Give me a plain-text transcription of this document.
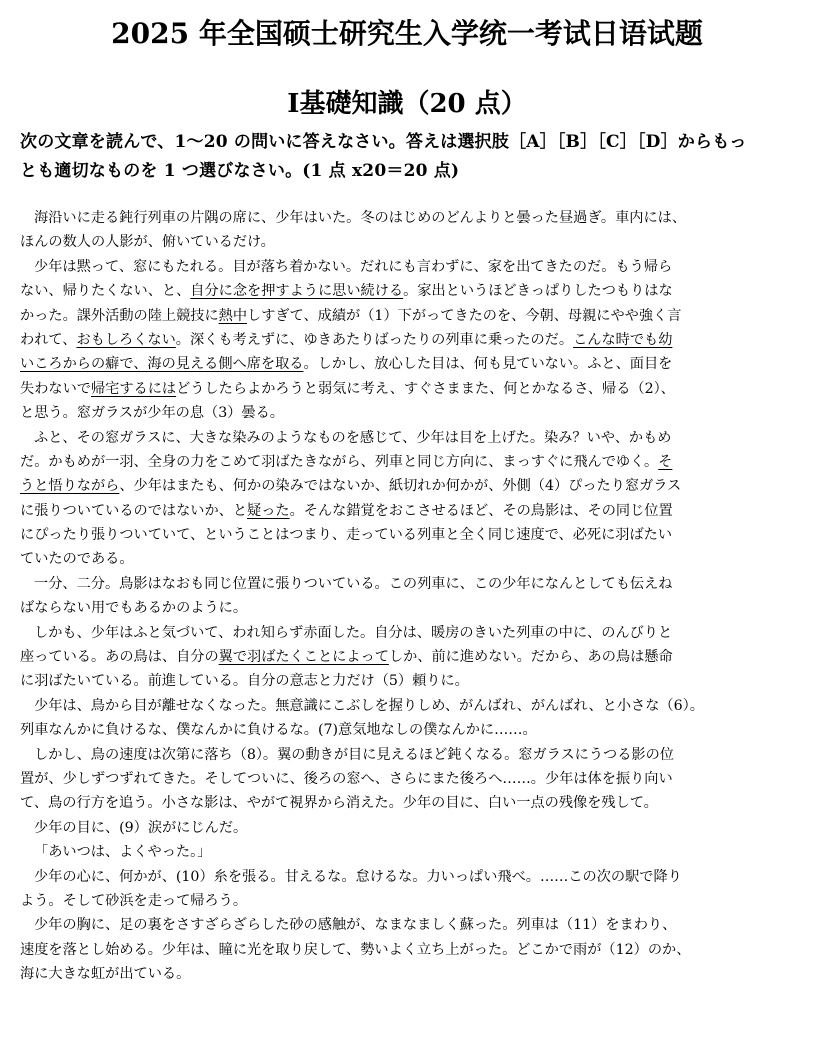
2025 年全国硕士研究生入学统一考试日语试题
Ⅰ基礎知識（20 点）
次の文章を読んで、1～20 の問いに答えなさい。答えは選択肢［A］［B］［C］［D］からもっ
とも適切なものを 1 つ選びなさい。(1 点 x20＝20 点)
海沿いに走る鈍行列車の片隅の席に、少年はいた。冬のはじめのどんよりと曇った昼過ぎ。車内には、
ほんの数人の人影が、俯いているだけ。
少年は黙って、窓にもたれる。目が落ち着かない。だれにも言わずに、家を出てきたのだ。もう帰ら
ない、帰りたくない、と、自分に念を押すように思い続ける。家出というほどきっぱりしたつもりはな
かった。課外活動の陸上競技に熱中しすぎて、成績が（1）下がってきたのを、今朝、母親にやや強く言
われて、おもしろくない。深くも考えずに、ゆきあたりばったりの列車に乗ったのだ。こんな時でも幼
いころからの癖で、海の見える側へ席を取る。しかし、放心した目は、何も見ていない。ふと、面目を
失わないで帰宅するにはどうしたらよかろうと弱気に考え、すぐさままた、何とかなるさ、帰る（2）、
と思う。窓ガラスが少年の息（3）曇る。
ふと、その窓ガラスに、大きな染みのようなものを感じて、少年は目を上げた。染み？いや、かもめ
だ。かもめが一羽、全身の力をこめて羽ばたきながら、列車と同じ方向に、まっすぐに飛んでゆく。そ
うと悟りながら、少年はまたも、何かの染みではないか、紙切れか何かが、外側（4）ぴったり窓ガラス
に張りついているのではないか、と疑った。そんな錯覚をおこさせるほど、その鳥影は、その同じ位置
にぴったり張りついていて、ということはつまり、走っている列車と全く同じ速度で、必死に羽ばたい
ていたのである。
一分、二分。鳥影はなおも同じ位置に張りついている。この列車に、この少年になんとしても伝えね
ばならない用でもあるかのように。
しかも、少年はふと気づいて、われ知らず赤面した。自分は、暖房のきいた列車の中に、のんびりと
座っている。あの鳥は、自分の翼で羽ばたくことによってしか、前に進めない。だから、あの鳥は懸命
に羽ばたいている。前進している。自分の意志と力だけ（5）頼りに。
少年は、鳥から目が離せなくなった。無意識にこぶしを握りしめ、がんばれ、がんばれ、と小さな（6）。
列車なんかに負けるな、僕なんかに負けるな。(7)意気地なしの僕なんかに……。
しかし、鳥の速度は次第に落ち（8）。翼の動きが目に見えるほど鈍くなる。窓ガラスにうつる影の位
置が、少しずつずれてきた。そしてついに、後ろの窓へ、さらにまた後ろへ……。少年は体を振り向い
て、鳥の行方を追う。小さな影は、やがて視界から消えた。少年の目に、白い一点の残像を残して。
少年の目に、(9）涙がにじんだ。
「あいつは、よくやった。」
少年の心に、何かが、(10）糸を張る。甘えるな。怠けるな。力いっぱい飛べ。……この次の駅で降り
よう。そして砂浜を走って帰ろう。
少年の胸に、足の裏をさすざらざらした砂の感触が、なまなましく蘇った。列車は（11）をまわり、
速度を落とし始める。少年は、瞳に光を取り戻して、勢いよく立ち上がった。どこかで雨が（12）のか、
海に大きな虹が出ている。
